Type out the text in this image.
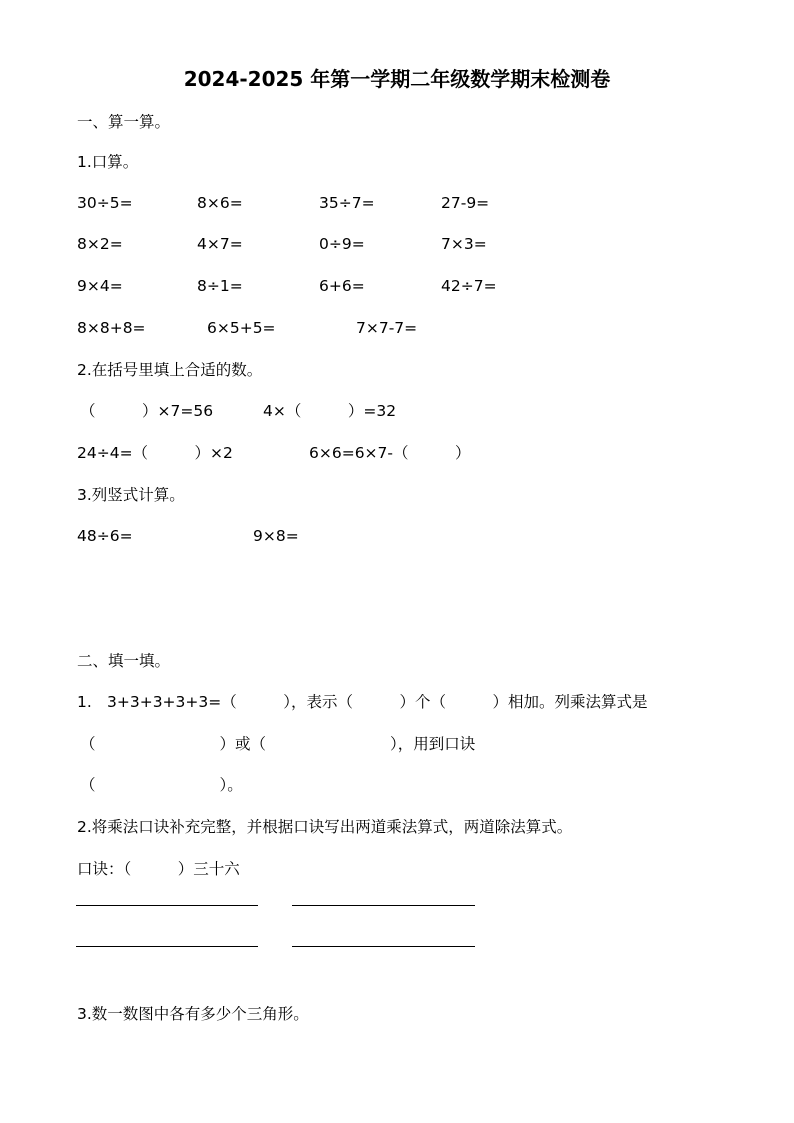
2024-2025 年第一学期二年级数学期末检测卷
一、算一算。
1.口算。
30÷5=	8×6=	35÷7=	27-9=
8×2=	4×7=	0÷9=	7×3=
9×4=	8÷1=	6+6=	42÷7=
8×8+8=	6×5+5=	7×7-7=
2.在括号里填上合适的数。
（　　　）×7=56	4×（　　　）=32
24÷4=（　　　）×2	6×6=6×7-（　　　）
3.列竖式计算。
48÷6=	9×8=
二、填一填。
1. 3+3+3+3+3=（　　　），表示（　　　）个（　　　）相加。列乘法算式是
（　　　　　　　　）或（　　　　　　　　），用到口诀
（　　　　　　　　）。
2.将乘法口诀补充完整，并根据口诀写出两道乘法算式，两道除法算式。
口诀：（　　　）三十六
3.数一数图中各有多少个三角形。
